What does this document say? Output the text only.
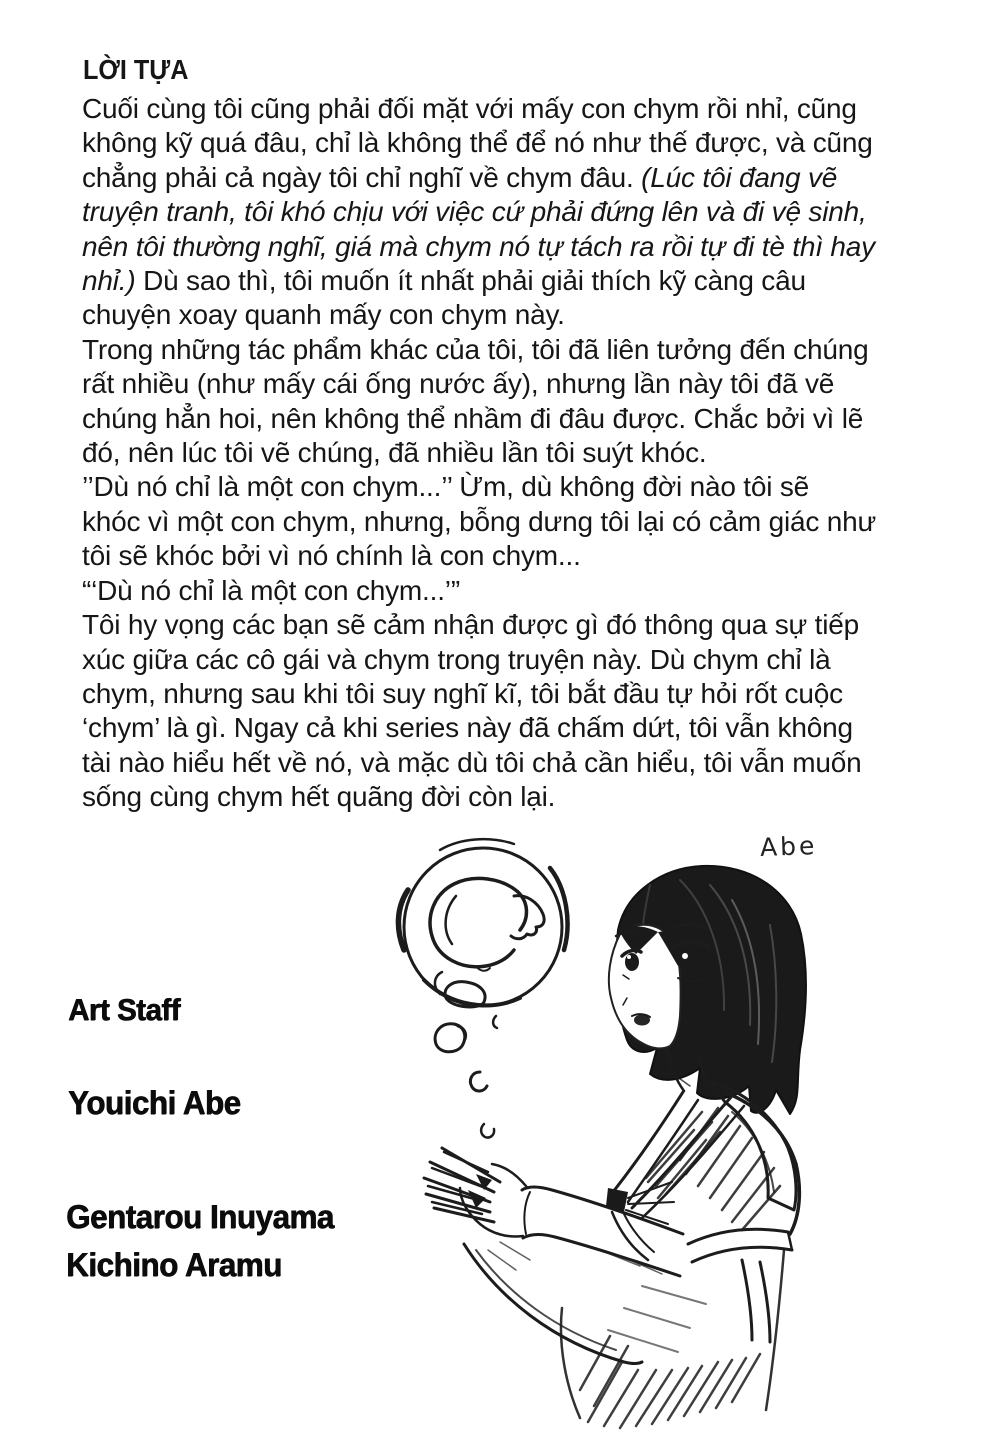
LỜI TỰA
Cuối cùng tôi cũng phải đối mặt với mấy con chym rồi nhỉ, cũng
không kỹ quá đâu, chỉ là không thể để nó như thế được, và cũng
chẳng phải cả ngày tôi chỉ nghĩ về chym đâu. (Lúc tôi đang vẽ
truyện tranh, tôi khó chịu với việc cứ phải đứng lên và đi vệ sinh,
nên tôi thường nghĩ, giá mà chym nó tự tách ra rồi tự đi tè thì hay
nhỉ.) Dù sao thì, tôi muốn ít nhất phải giải thích kỹ càng câu
chuyện xoay quanh mấy con chym này.
Trong những tác phẩm khác của tôi, tôi đã liên tưởng đến chúng
rất nhiều (như mấy cái ống nước ấy), nhưng lần này tôi đã vẽ
chúng hẳn hoi, nên không thể nhầm đi đâu được. Chắc bởi vì lẽ
đó, nên lúc tôi vẽ chúng, đã nhiều lần tôi suýt khóc.
’’Dù nó chỉ là một con chym...’’ Ừm, dù không đời nào tôi sẽ
khóc vì một con chym, nhưng, bỗng dưng tôi lại có cảm giác như
tôi sẽ khóc bởi vì nó chính là con chym...
“‘Dù nó chỉ là một con chym...’”
Tôi hy vọng các bạn sẽ cảm nhận được gì đó thông qua sự tiếp
xúc giữa các cô gái và chym trong truyện này. Dù chym chỉ là
chym, nhưng sau khi tôi suy nghĩ kĩ, tôi bắt đầu tự hỏi rốt cuộc
‘chym’ là gì. Ngay cả khi series này đã chấm dứt, tôi vẫn không
tài nào hiểu hết về nó, và mặc dù tôi chả cần hiểu, tôi vẫn muốn
sống cùng chym hết quãng đời còn lại.
Abe
Art Staff
Youichi Abe
Gentarou Inuyama
Kichino Aramu
